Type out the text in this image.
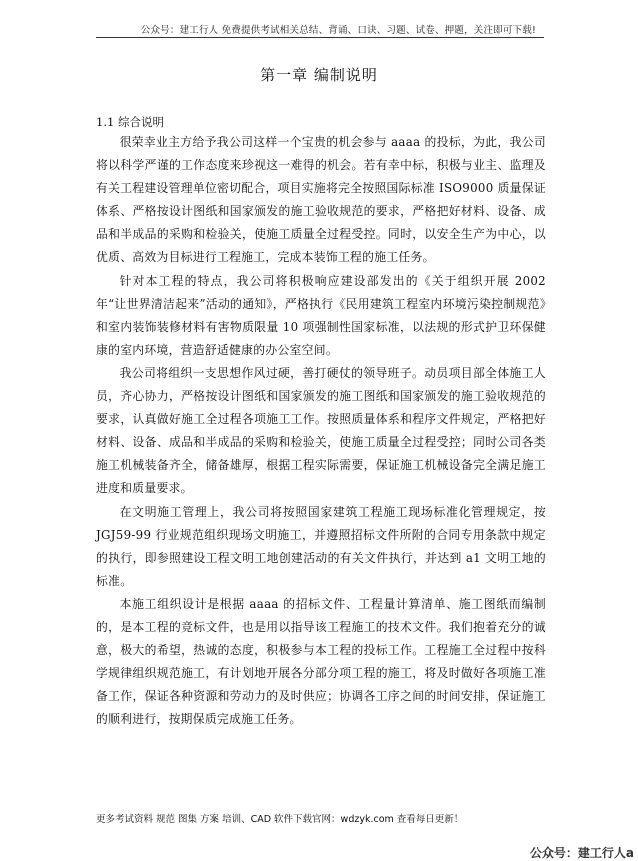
公众号：建工行人 免费提供考试相关总结、背诵、口诀、习题、试卷、押题，关注即可下载!
第一章 编制说明
1.1 综合说明

很荣幸业主方给予我公司这样一个宝贵的机会参与 aaaa 的投标，为此，我公司将以科学严谨的工作态度来珍视这一难得的机会。若有幸中标，积极与业主、监理及有关工程建设管理单位密切配合，项目实施将完全按照国际标准 ISO9000 质量保证体系、严格按设计图纸和国家颁发的施工验收规范的要求，严格把好材料、设备、成品和半成品的采购和检验关，使施工质量全过程受控。同时，以安全生产为中心，以优质、高效为目标进行工程施工，完成本装饰工程的施工任务。

针对本工程的特点，我公司将积极响应建设部发出的《关于组织开展 2002 年“让世界清洁起来”活动的通知》，严格执行《民用建筑工程室内环境污染控制规范》和室内装饰装修材料有害物质限量 10 项强制性国家标准，以法规的形式护卫环保健康的室内环境，营造舒适健康的办公室空间。

我公司将组织一支思想作风过硬，善打硬仗的领导班子。动员项目部全体施工人员，齐心协力，严格按设计图纸和国家颁发的施工图纸和国家颁发的施工验收规范的要求，认真做好施工全过程各项施工工作。按照质量体系和程序文件规定，严格把好材料、设备、成品和半成品的采购和检验关，使施工质量全过程受控；同时公司各类施工机械装备齐全，储备雄厚，根据工程实际需要，保证施工机械设备完全满足施工进度和质量要求。

在文明施工管理上，我公司将按照国家建筑工程施工现场标准化管理规定，按 JGJ59-99 行业规范组织现场文明施工，并遵照招标文件所附的合同专用条款中规定的执行，即参照建设工程文明工地创建活动的有关文件执行，并达到 a1 文明工地的标准。

本施工组织设计是根据 aaaa 的招标文件、工程量计算清单、施工图纸而编制的，是本工程的竞标文件，也是用以指导该工程施工的技术文件。我们抱着充分的诚意，极大的希望，热诚的态度，积极参与本工程的投标工作。工程施工全过程中按科学规律组织规范施工，有计划地开展各分部分项工程的施工，将及时做好各项施工准备工作，保证各种资源和劳动力的及时供应；协调各工序之间的时间安排，保证施工的顺利进行，按期保质完成施工任务。

更多考试资料 规范 图集 方案 培训、CAD 软件下载官网：wdzyk.com 查看每日更新！
公众号：建工行人a
